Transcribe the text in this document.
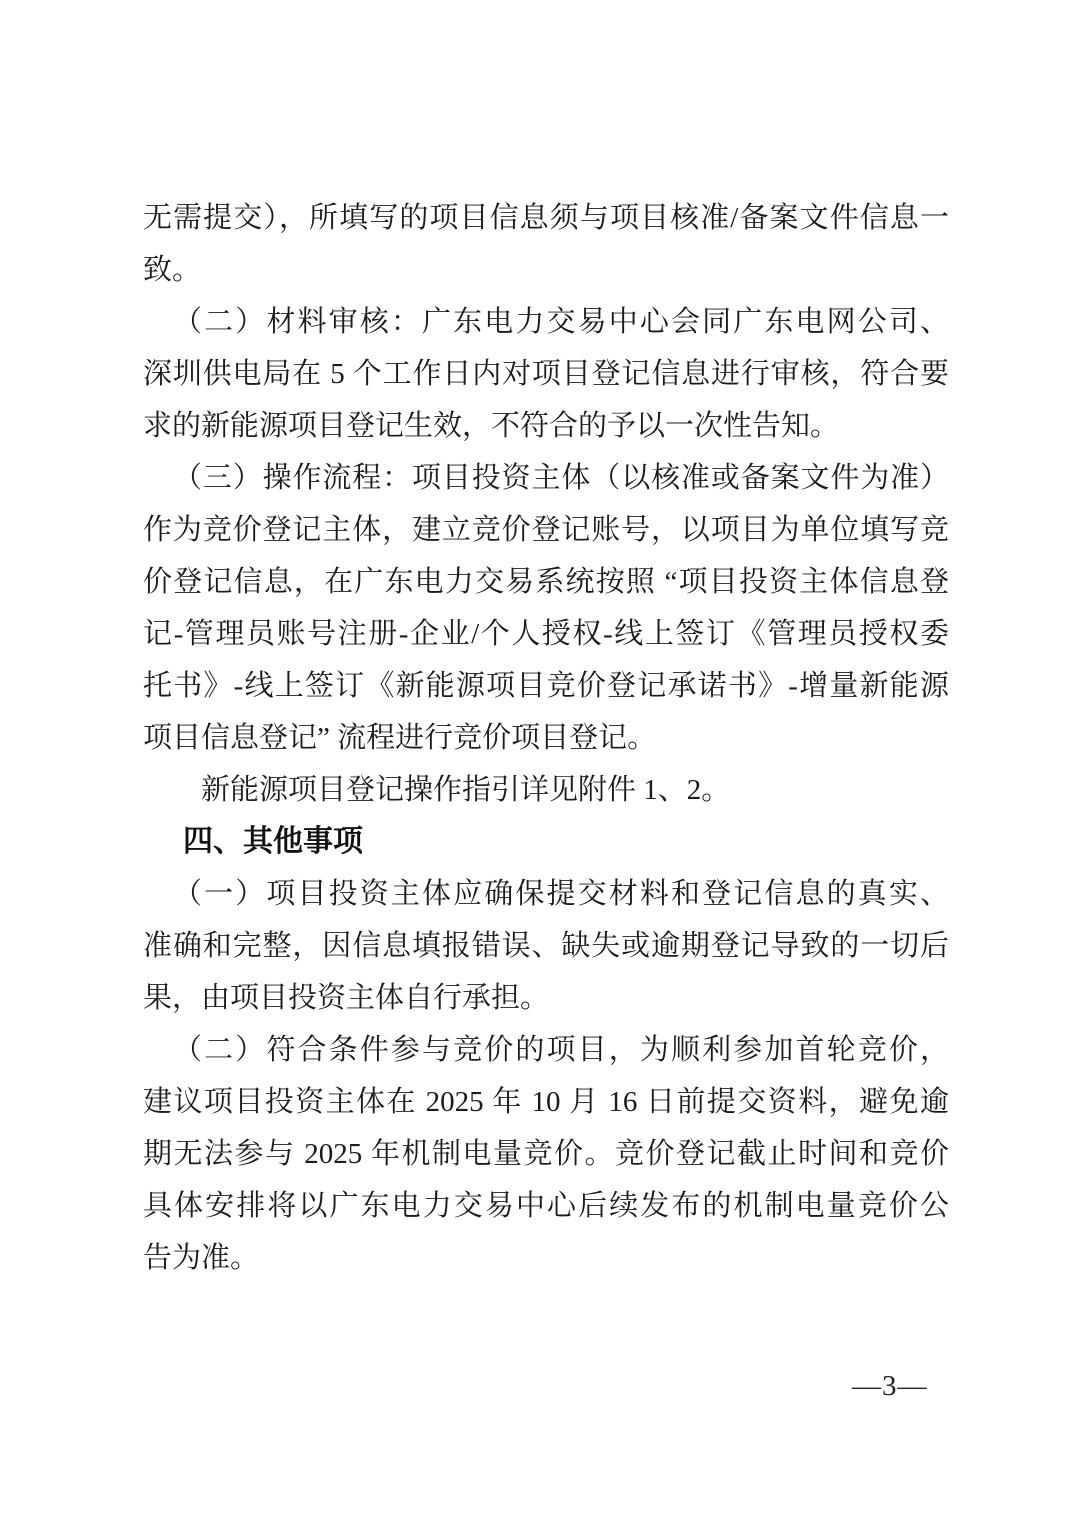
无需提交），所填写的项目信息须与项目核准/备案文件信息一
致。
（二）材料审核：广东电力交易中心会同广东电网公司、
深圳供电局在 5 个工作日内对项目登记信息进行审核，符合要
求的新能源项目登记生效，不符合的予以一次性告知。
（三）操作流程：项目投资主体（以核准或备案文件为准）
作为竞价登记主体，建立竞价登记账号，以项目为单位填写竞
价登记信息，在广东电力交易系统按照 “项目投资主体信息登
记-管理员账号注册-企业/个人授权-线上签订《管理员授权委
托书》-线上签订《新能源项目竞价登记承诺书》-增量新能源
项目信息登记” 流程进行竞价项目登记。
新能源项目登记操作指引详见附件 1、2。
四、其他事项
（一）项目投资主体应确保提交材料和登记信息的真实、
准确和完整，因信息填报错误、缺失或逾期登记导致的一切后
果，由项目投资主体自行承担。
（二）符合条件参与竞价的项目，为顺利参加首轮竞价，
建议项目投资主体在 2025 年 10 月 16 日前提交资料，避免逾
期无法参与 2025 年机制电量竞价。竞价登记截止时间和竞价
具体安排将以广东电力交易中心后续发布的机制电量竞价公
告为准。
—3—
